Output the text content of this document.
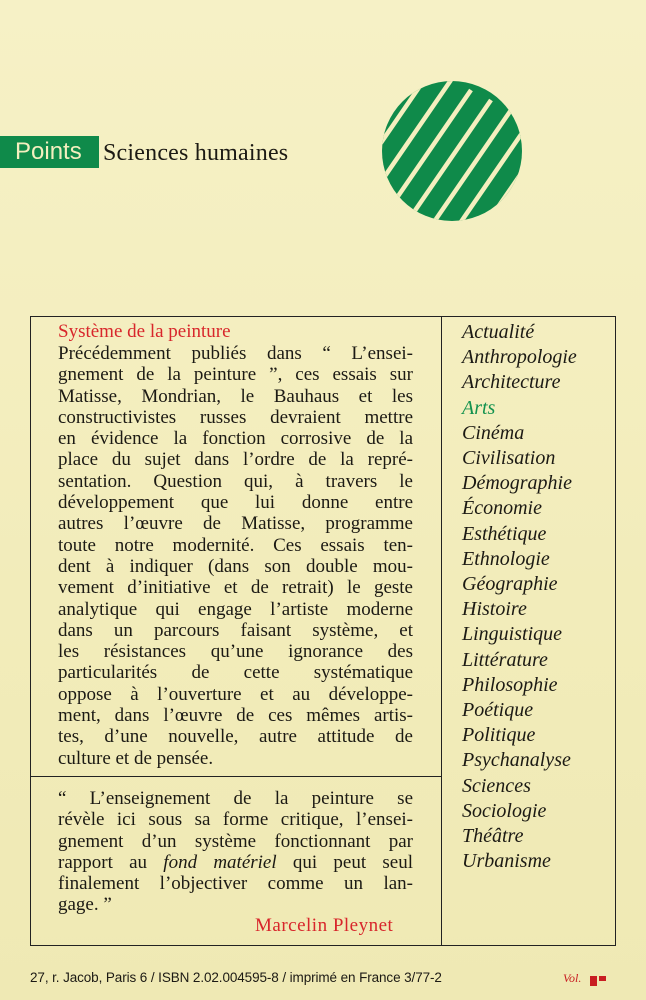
Points Sciences humaines

Système de la peinture

Précédemment publiés dans “ L’ensei-
gnement de la peinture ”, ces essais sur
Matisse, Mondrian, le Bauhaus et les
constructivistes russes devraient mettre
en évidence la fonction corrosive de la
place du sujet dans l’ordre de la repré-
sentation. Question qui, à travers le
développement que lui donne entre
autres l’œuvre de Matisse, programme
toute notre modernité. Ces essais ten-
dent à indiquer (dans son double mou-
vement d’initiative et de retrait) le geste
analytique qui engage l’artiste moderne
dans un parcours faisant système, et
les résistances qu’une ignorance des
particularités de cette systématique
oppose à l’ouverture et au développe-
ment, dans l’œuvre de ces mêmes artis-
tes, d’une nouvelle, autre attitude de
culture et de pensée.

“ L’enseignement de la peinture se
révèle ici sous sa forme critique, l’ensei-
gnement d’un système fonctionnant par
rapport au fond matériel qui peut seul
finalement l’objectiver comme un lan-
gage. ”

Marcelin Pleynet
Actualité
Anthropologie
Architecture
Arts
Cinéma
Civilisation
Démographie
Économie
Esthétique
Ethnologie
Géographie
Histoire
Linguistique
Littérature
Philosophie
Poétique
Politique
Psychanalyse
Sciences
Sociologie
Théâtre
Urbanisme
27, r. Jacob, Paris 6 / ISBN 2.02.004595-8 / imprimé en France 3/77-2	Vol.
